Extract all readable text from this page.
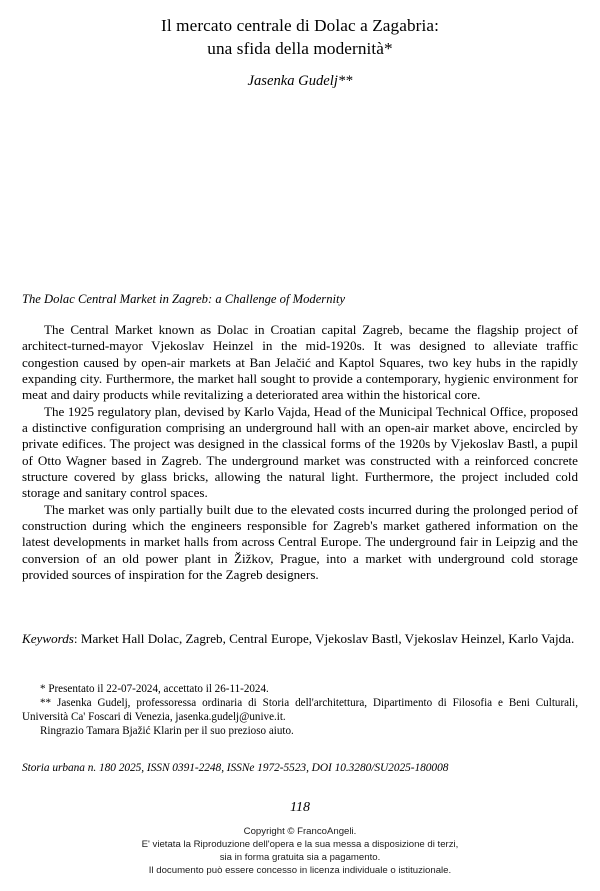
Il mercato centrale di Dolac a Zagabria:
una sfida della modernità*
Jasenka Gudelj**
The Dolac Central Market in Zagreb: a Challenge of Modernity

The Central Market known as Dolac in Croatian capital Zagreb, became the flagship project of architect-turned-mayor Vjekoslav Heinzel in the mid-1920s. It was designed to alleviate traffic congestion caused by open-air markets at Ban Jelačić and Kaptol Squares, two key hubs in the rapidly expanding city. Furthermore, the market hall sought to provide a contemporary, hygienic environment for meat and dairy products while revitalizing a deteriorated area within the historical core.

The 1925 regulatory plan, devised by Karlo Vajda, Head of the Municipal Technical Office, proposed a distinctive configuration comprising an underground hall with an open-air market above, encircled by private edifices. The project was designed in the classical forms of the 1920s by Vjekoslav Bastl, a pupil of Otto Wagner based in Zagreb. The underground market was constructed with a reinforced concrete structure covered by glass bricks, allowing the natural light. Furthermore, the project included cold storage and sanitary control spaces.

The market was only partially built due to the elevated costs incurred during the prolonged period of construction during which the engineers responsible for Zagreb's market gathered information on the latest developments in market halls from across Central Europe. The underground fair in Leipzig and the conversion of an old power plant in Žižkov, Prague, into a market with underground cold storage provided sources of inspiration for the Zagreb designers.

Keywords: Market Hall Dolac, Zagreb, Central Europe, Vjekoslav Bastl, Vjekoslav Heinzel, Karlo Vajda.

* Presentato il 22-07-2024, accettato il 26-11-2024.

** Jasenka Gudelj, professoressa ordinaria di Storia dell'architettura, Dipartimento di Filosofia e Beni Culturali, Università Ca' Foscari di Venezia, jasenka.gudelj@unive.it.

Ringrazio Tamara Bjažić Klarin per il suo prezioso aiuto.

Storia urbana n. 180 2025, ISSN 0391-2248, ISSNe 1972-5523, DOI 10.3280/SU2025-180008
118
Copyright © FrancoAngeli.
E' vietata la Riproduzione dell'opera e la sua messa a disposizione di terzi,
sia in forma gratuita sia a pagamento.
Il documento può essere concesso in licenza individuale o istituzionale.
